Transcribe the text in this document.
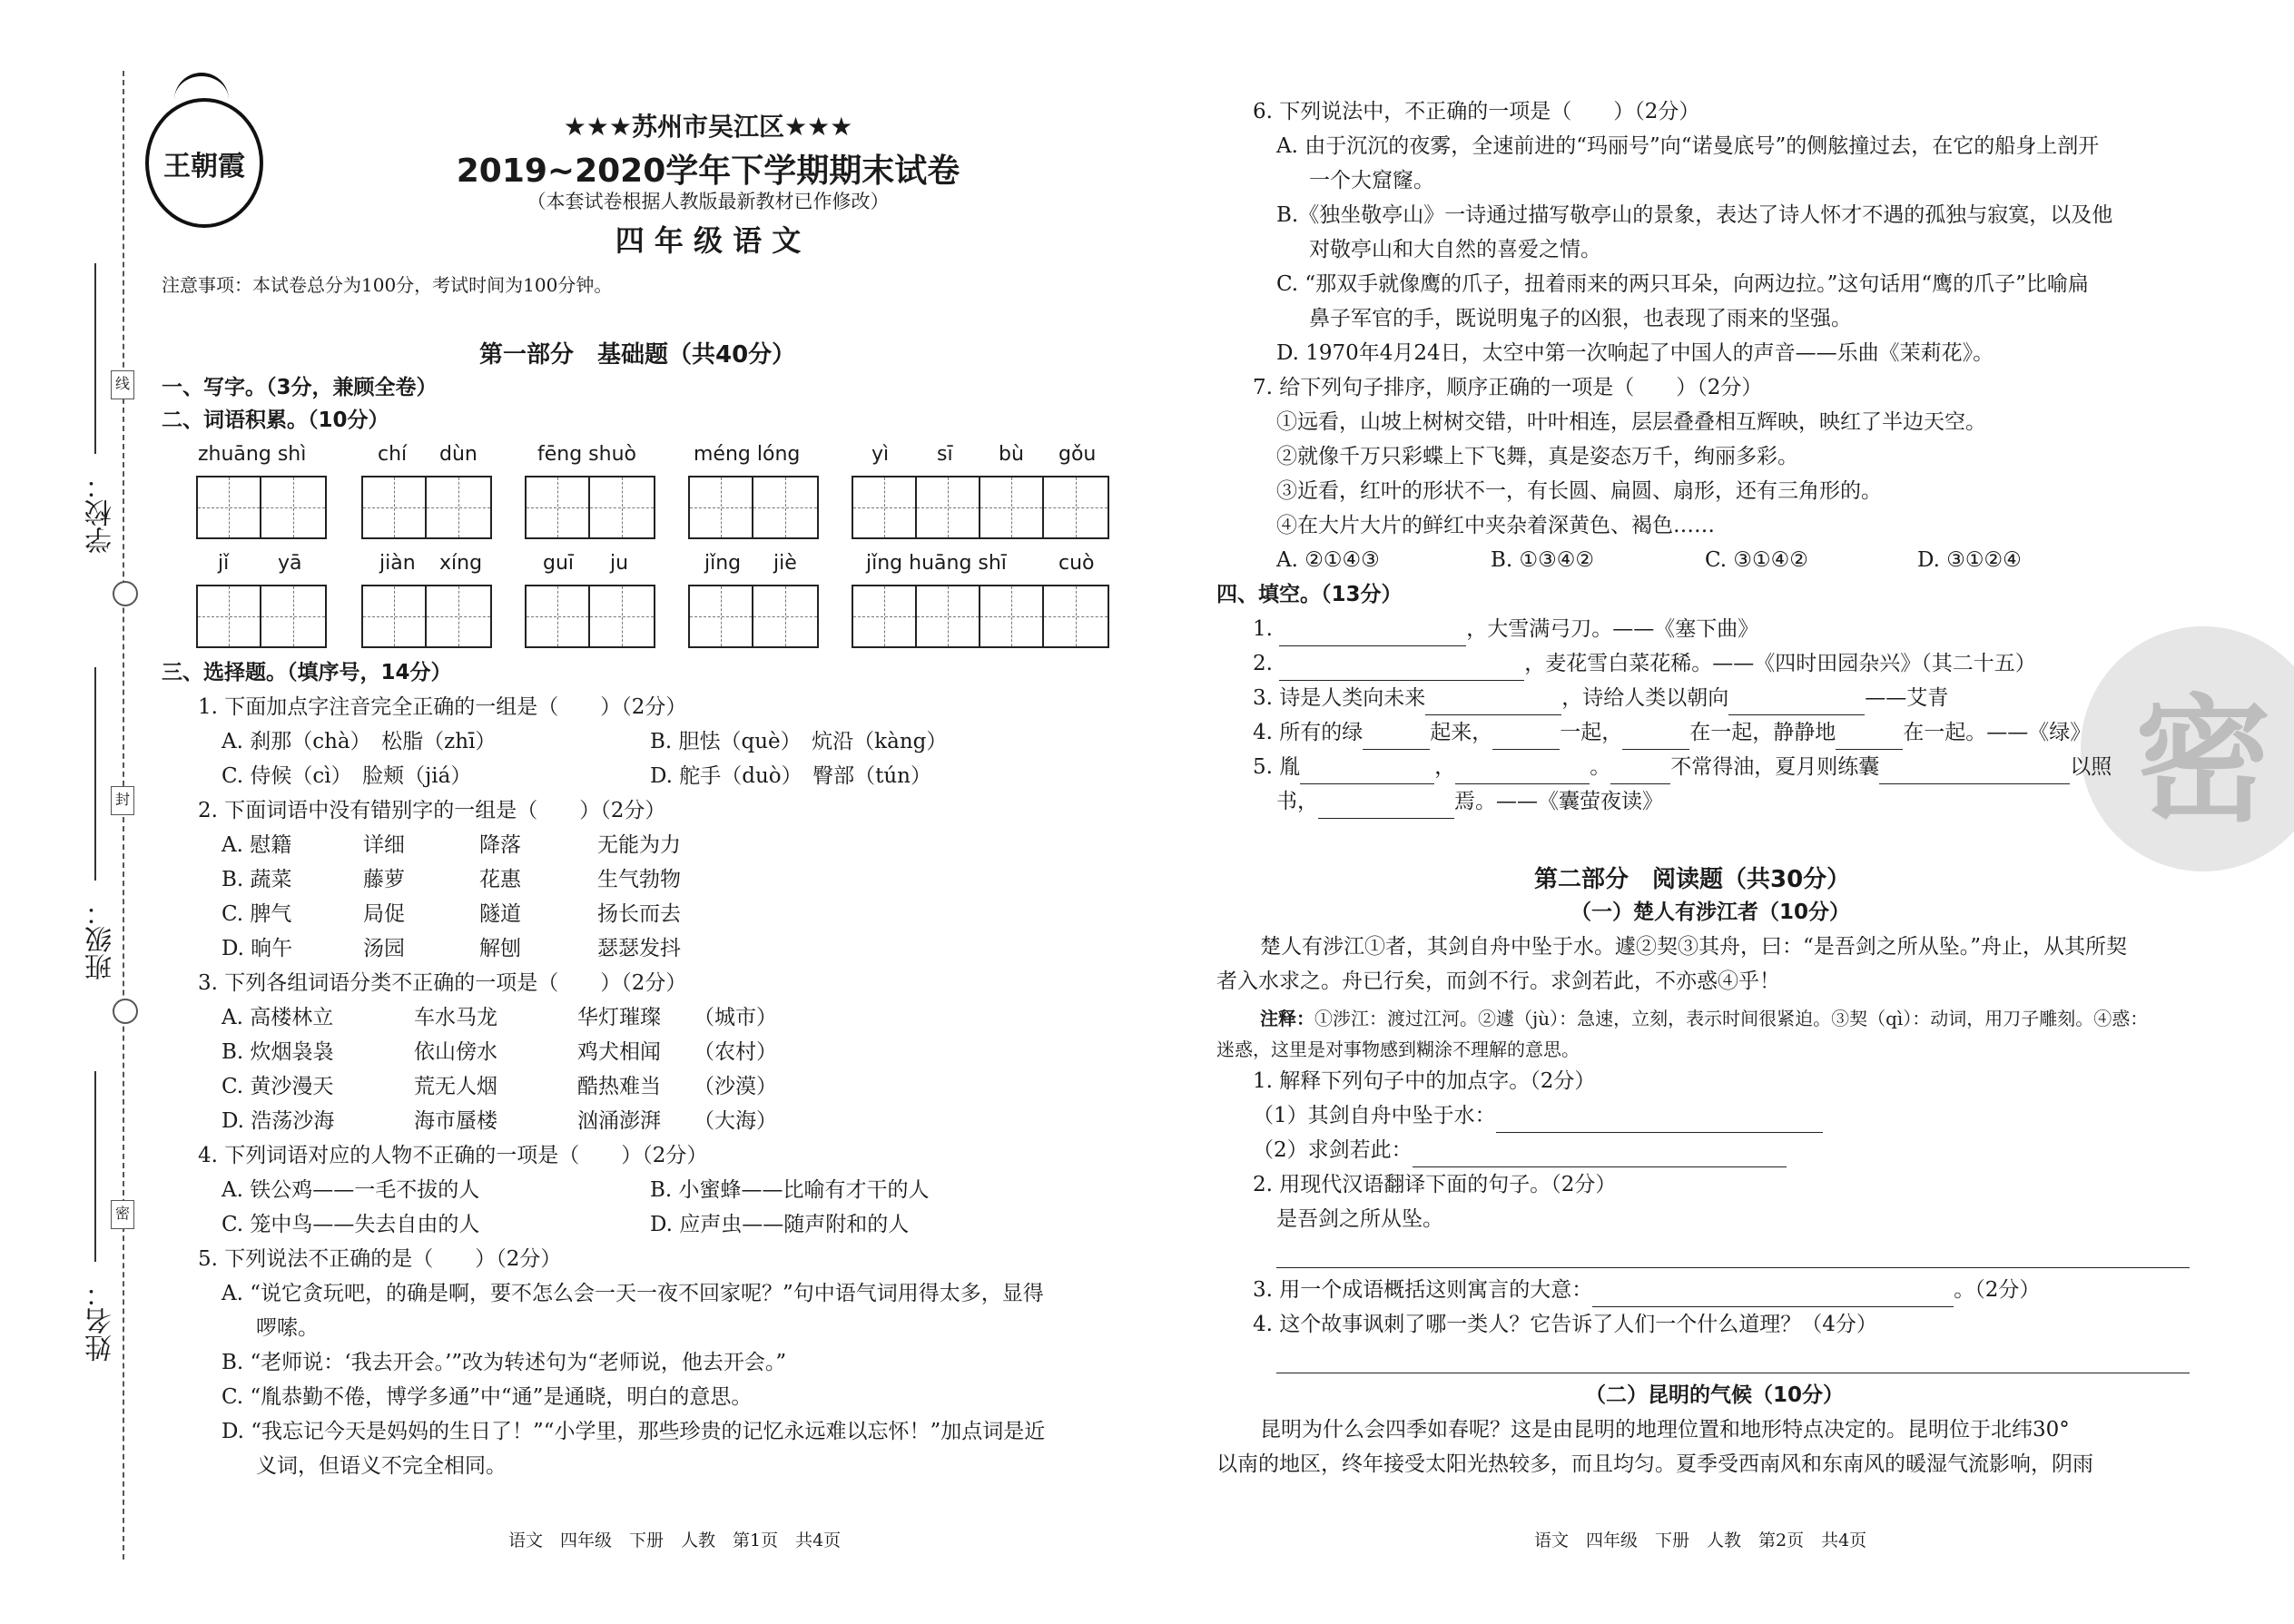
学校：
班级：
姓名：
线
封
密
王朝霞
★★★苏州市吴江区★★★
2019~2020学年下学期期末试卷
（本套试卷根据人教版最新教材已作修改）
四 年 级 语 文
注意事项：本试卷总分为100分，考试时间为100分钟。
第一部分　基础题（共40分）
一、写字。（3分，兼顾全卷）
二、词语积累。（10分）
zhuāng shì	chí dùn	fēng shuò	méng lóng	yì sī bù gǒu
jǐ yā	jiàn xíng	guī ju	jǐng jiè	jǐng huāng shī	cuò
三、选择题。（填序号，14分）
1. 下面加点字注音完全正确的一组是（　　）（2分）
A. 刹那（chà）　松脂（zhī）	B. 胆怯（què）　炕沿（kàng）
C. 侍候（cì）　脸颊（jiá）	D. 舵手（duò）　臀部（tún）
2. 下面词语中没有错别字的一组是（　　）（2分）
A. 慰籍	详细	降落	无能为力
B. 蔬菜	藤萝	花惠	生气勃物
C. 脾气	局促	隧道	扬长而去
D. 晌午	汤园	解刨	瑟瑟发抖
3. 下列各组词语分类不正确的一项是（　　）（2分）
A. 高楼林立	车水马龙	华灯璀璨 （城市）
B. 炊烟袅袅	依山傍水	鸡犬相闻 （农村）
C. 黄沙漫天	荒无人烟	酷热难当 （沙漠）
D. 浩荡沙海	海市蜃楼	汹涌澎湃 （大海）
4. 下列词语对应的人物不正确的一项是（　　）（2分）
A. 铁公鸡——一毛不拔的人	B. 小蜜蜂——比喻有才干的人
C. 笼中鸟——失去自由的人	D. 应声虫——随声附和的人
5. 下列说法不正确的是（　　）（2分）
A. “说它贪玩吧，的确是啊，要不怎么会一天一夜不回家呢？”句中语气词用得太多，显得
啰嗦。
B. “老师说：‘我去开会。’”改为转述句为“老师说，他去开会。”
C. “胤恭勤不倦，博学多通”中“通”是通晓，明白的意思。
D. “我忘记今天是妈妈的生日了！”“小学里，那些珍贵的记忆永远难以忘怀！”加点词是近
义词，但语义不完全相同。
语文　四年级　下册　人教　第1页　共4页
密
6. 下列说法中，不正确的一项是（　　）（2分）
A. 由于沉沉的夜雾，全速前进的“玛丽号”向“诺曼底号”的侧舷撞过去，在它的船身上剖开
一个大窟窿。
B.《独坐敬亭山》一诗通过描写敬亭山的景象，表达了诗人怀才不遇的孤独与寂寞，以及他
对敬亭山和大自然的喜爱之情。
C. “那双手就像鹰的爪子，扭着雨来的两只耳朵，向两边拉。”这句话用“鹰的爪子”比喻扁
鼻子军官的手，既说明鬼子的凶狠，也表现了雨来的坚强。
D. 1970年4月24日，太空中第一次响起了中国人的声音——乐曲《茉莉花》。
7. 给下列句子排序，顺序正确的一项是（　　）（2分）
①远看，山坡上树树交错，叶叶相连，层层叠叠相互辉映，映红了半边天空。
②就像千万只彩蝶上下飞舞，真是姿态万千，绚丽多彩。
③近看，红叶的形状不一，有长圆、扁圆、扇形，还有三角形的。
④在大片大片的鲜红中夹杂着深黄色、褐色……
A. ②①④③	B. ①③④②	C. ③①④②	D. ③①②④
四、填空。（13分）
1.	，大雪满弓刀。——《塞下曲》
2.	，麦花雪白菜花稀。——《四时田园杂兴》（其二十五）
3. 诗是人类向未来	，诗给人类以朝向	——艾青
4. 所有的绿	起来，	一起，	在一起，静静地	在一起。——《绿》
5. 胤	，	。	不常得油，夏月则练囊	以照
书，	焉。——《囊萤夜读》
第二部分　阅读题（共30分）
（一）楚人有涉江者（10分）
楚人有涉江①者，其剑自舟中坠于水。遽②契③其舟，曰：“是吾剑之所从坠。”舟止，从其所契
者入水求之。舟已行矣，而剑不行。求剑若此，不亦惑④乎！
注释：①涉江：渡过江河。②遽（jù）：急速，立刻，表示时间很紧迫。③契（qì）：动词，用刀子雕刻。④惑：
迷惑，这里是对事物感到糊涂不理解的意思。
1. 解释下列句子中的加点字。（2分）
（1）其剑自舟中坠于水：
（2）求剑若此：
2. 用现代汉语翻译下面的句子。（2分）
是吾剑之所从坠。
3. 用一个成语概括这则寓言的大意：	。（2分）
4. 这个故事讽刺了哪一类人？它告诉了人们一个什么道理？（4分）
（二）昆明的气候（10分）
昆明为什么会四季如春呢？这是由昆明的地理位置和地形特点决定的。昆明位于北纬30°
以南的地区，终年接受太阳光热较多，而且均匀。夏季受西南风和东南风的暖湿气流影响，阴雨
语文　四年级　下册　人教　第2页　共4页
